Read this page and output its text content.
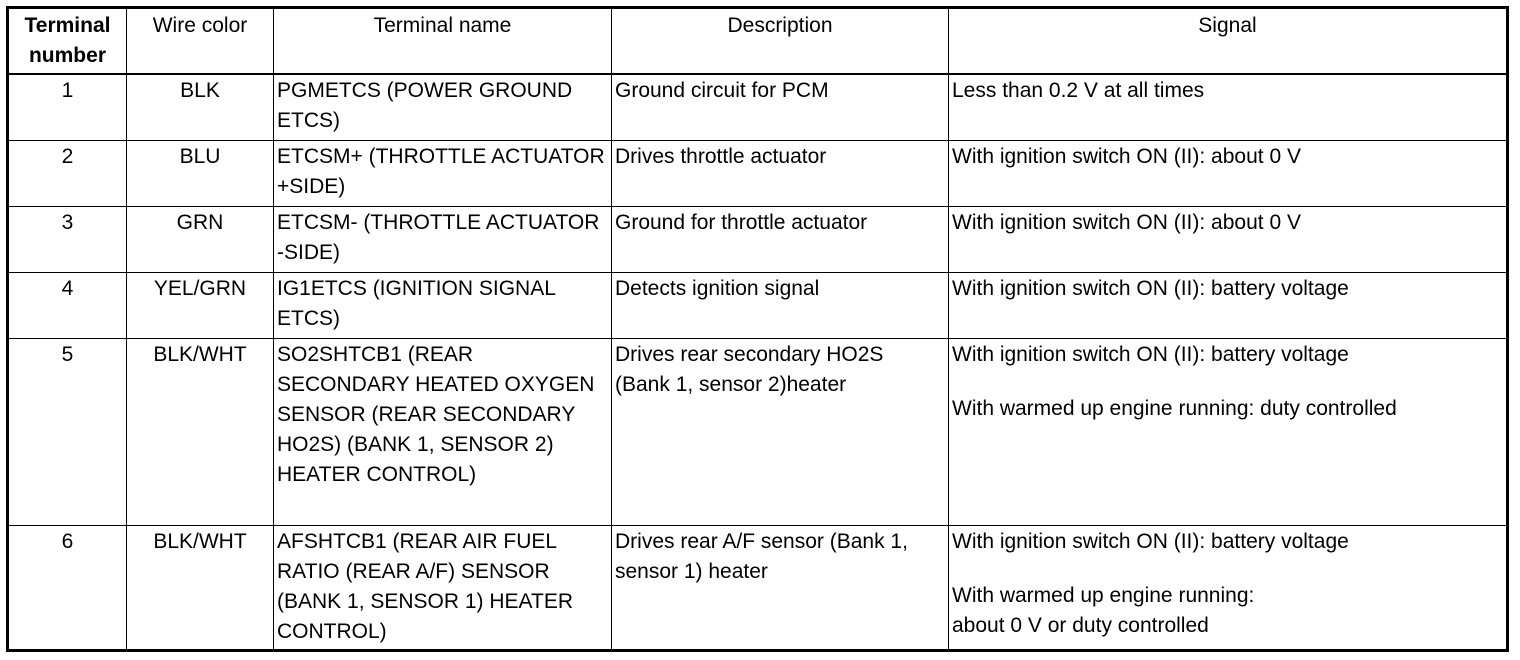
Terminal
number	Wire color	Terminal name	Description	Signal
1	BLK	PGMETCS (POWER GROUND ETCS)	Ground circuit for PCM	Less than 0.2 V at all times

2	BLU	ETCSM+ (THROTTLE ACTUATOR +SIDE)	Drives throttle actuator	With ignition switch ON (II): about 0 V

3	GRN	ETCSM- (THROTTLE ACTUATOR -SIDE)	Ground for throttle actuator	With ignition switch ON (II): about 0 V

4	YEL/GRN	IG1ETCS (IGNITION SIGNAL ETCS)	Detects ignition signal	With ignition switch ON (II): battery voltage

5	BLK/WHT	SO2SHTCB1 (REAR SECONDARY HEATED OXYGEN SENSOR (REAR SECONDARY HO2S) (BANK 1, SENSOR 2) HEATER CONTROL)	Drives rear secondary HO2S   (Bank 1, sensor 2)heater	With ignition switch ON (II): battery voltage
With warmed up engine running: duty controlled

6	BLK/WHT	AFSHTCB1 (REAR AIR FUEL RATIO (REAR A/F) SENSOR (BANK 1, SENSOR 1) HEATER CONTROL)	Drives rear A/F sensor (Bank 1, sensor 1) heater	With ignition switch ON (II): battery voltage
With warmed up engine running:
about 0 V or duty controlled
